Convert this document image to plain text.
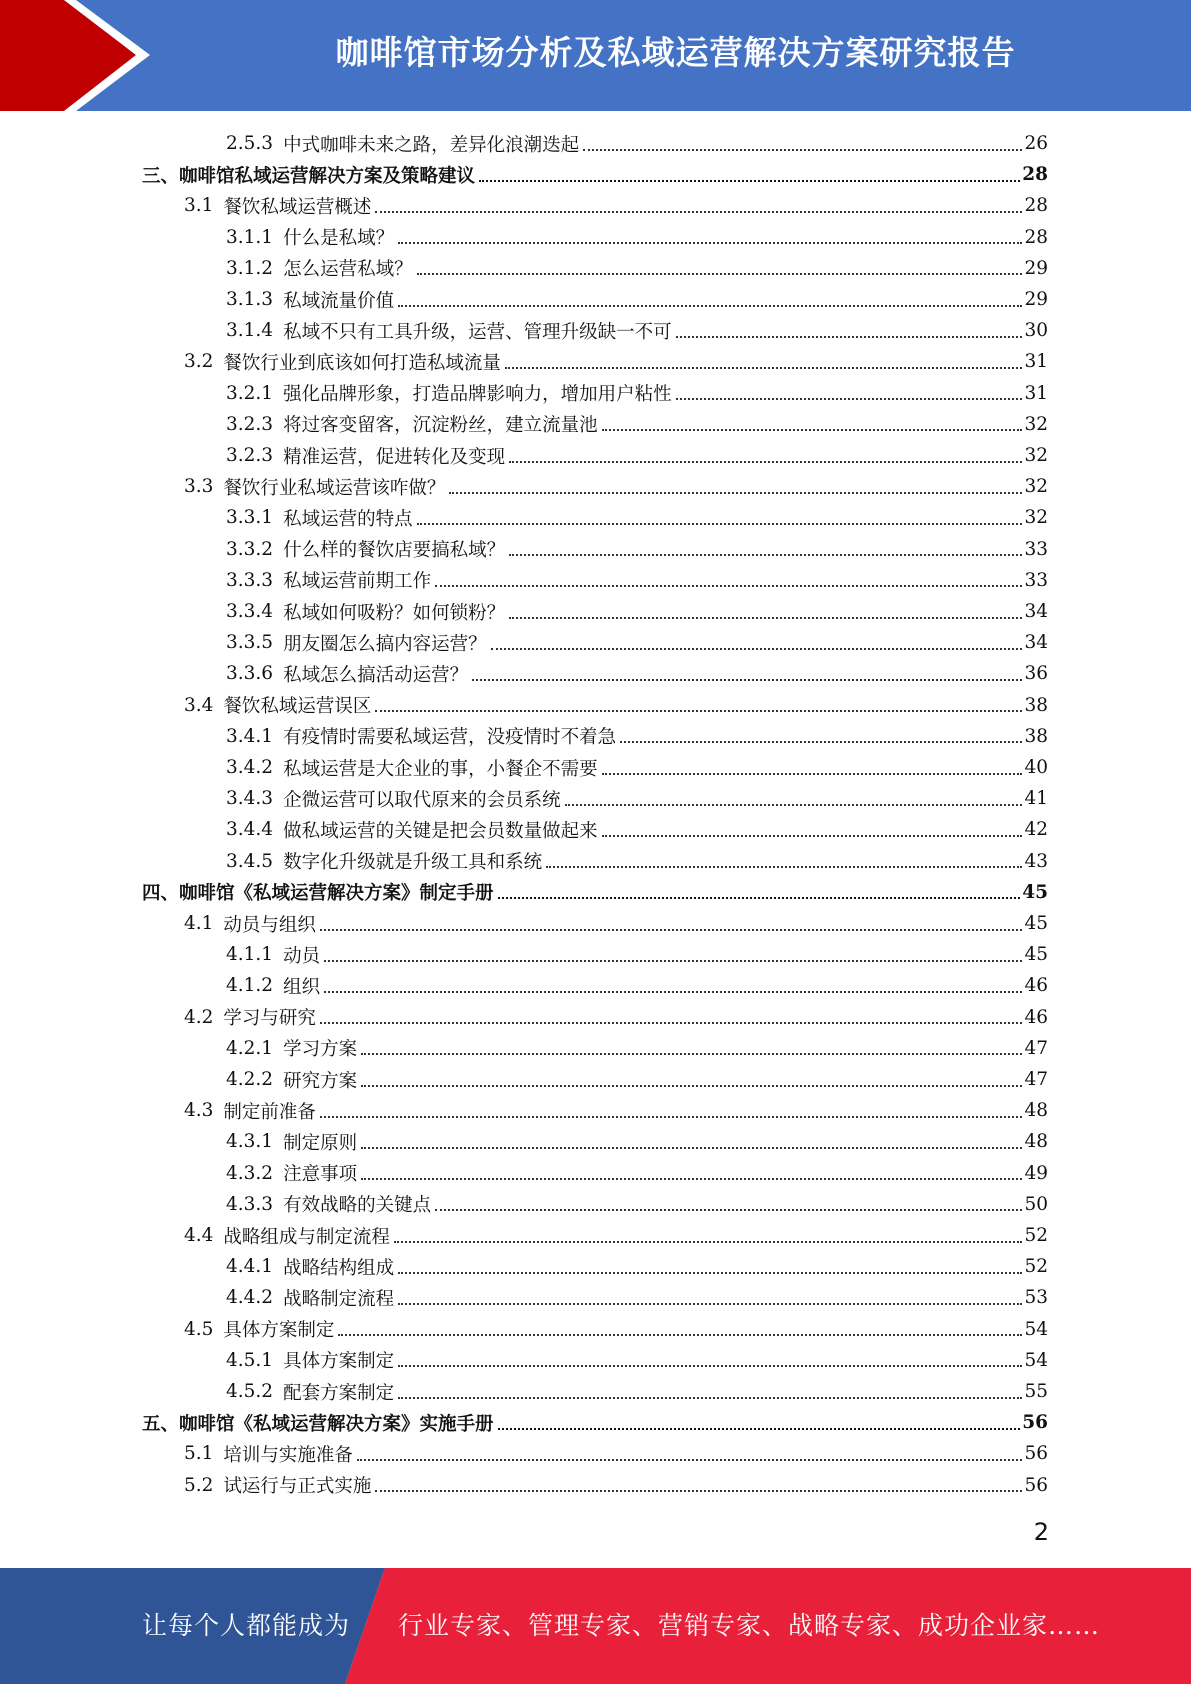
咖啡馆市场分析及私域运营解决方案研究报告
2.5.3 中式咖啡未来之路，差异化浪潮迭起	26
三、咖啡馆私域运营解决方案及策略建议	28
3.1 餐饮私域运营概述	28
3.1.1 什么是私域？	28
3.1.2 怎么运营私域？	29
3.1.3 私域流量价值	29
3.1.4 私域不只有工具升级，运营、管理升级缺一不可	30
3.2 餐饮行业到底该如何打造私域流量	31
3.2.1 强化品牌形象，打造品牌影响力，增加用户粘性	31
3.2.3 将过客变留客，沉淀粉丝，建立流量池	32
3.2.3 精准运营，促进转化及变现	32
3.3 餐饮行业私域运营该咋做？	32
3.3.1 私域运营的特点	32
3.3.2 什么样的餐饮店要搞私域？	33
3.3.3 私域运营前期工作	33
3.3.4 私域如何吸粉？如何锁粉？	34
3.3.5 朋友圈怎么搞内容运营？	34
3.3.6 私域怎么搞活动运营？	36
3.4 餐饮私域运营误区	38
3.4.1 有疫情时需要私域运营，没疫情时不着急	38
3.4.2 私域运营是大企业的事，小餐企不需要	40
3.4.3 企微运营可以取代原来的会员系统	41
3.4.4 做私域运营的关键是把会员数量做起来	42
3.4.5 数字化升级就是升级工具和系统	43
四、咖啡馆《私域运营解决方案》制定手册	45
4.1 动员与组织	45
4.1.1 动员	45
4.1.2 组织	46
4.2 学习与研究	46
4.2.1 学习方案	47
4.2.2 研究方案	47
4.3 制定前准备	48
4.3.1 制定原则	48
4.3.2 注意事项	49
4.3.3 有效战略的关键点	50
4.4 战略组成与制定流程	52
4.4.1 战略结构组成	52
4.4.2 战略制定流程	53
4.5 具体方案制定	54
4.5.1 具体方案制定	54
4.5.2 配套方案制定	55
五、咖啡馆《私域运营解决方案》实施手册	56
5.1 培训与实施准备	56
5.2 试运行与正式实施	56
2
让每个人都能成为 行业专家、管理专家、营销专家、战略专家、成功企业家……
